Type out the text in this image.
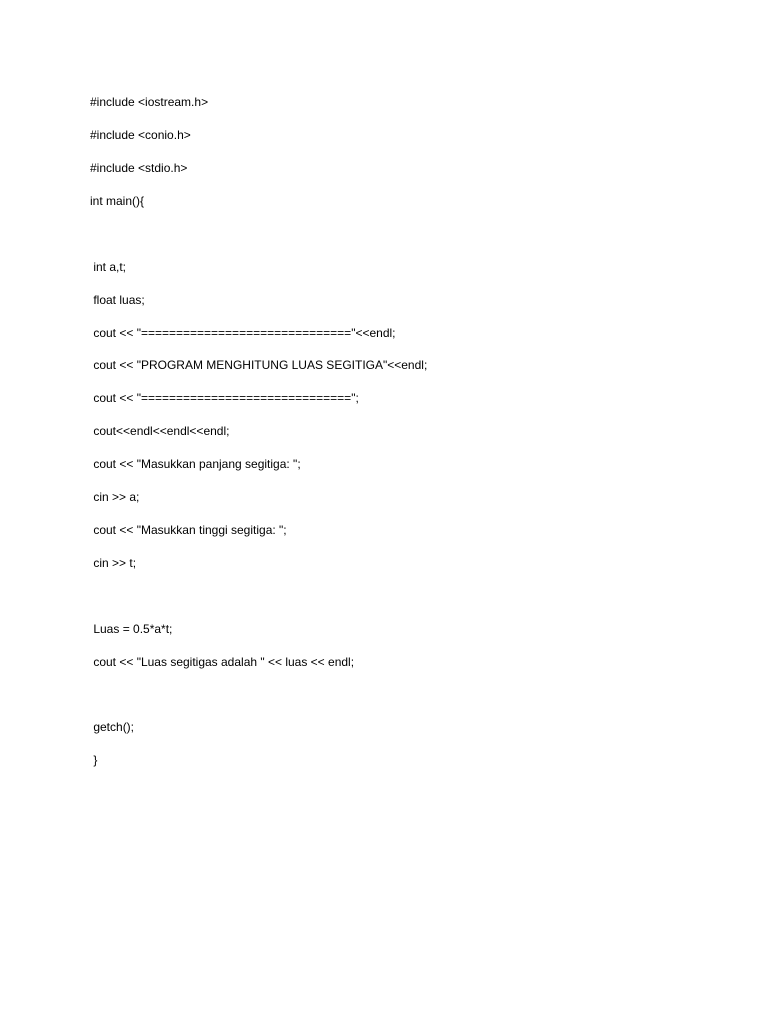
#include <iostream.h>
#include <conio.h>
#include <stdio.h>
int main(){
int a,t;
float luas;
cout << "=============================="<<endl;
cout << "PROGRAM MENGHITUNG LUAS SEGITIGA"<<endl;
cout << "==============================";
cout<<endl<<endl<<endl;
cout << "Masukkan panjang segitiga: ";
cin >> a;
cout << "Masukkan tinggi segitiga: ";
cin >> t;
Luas = 0.5*a*t;
cout << "Luas segitigas adalah " << luas << endl;
getch();
}
